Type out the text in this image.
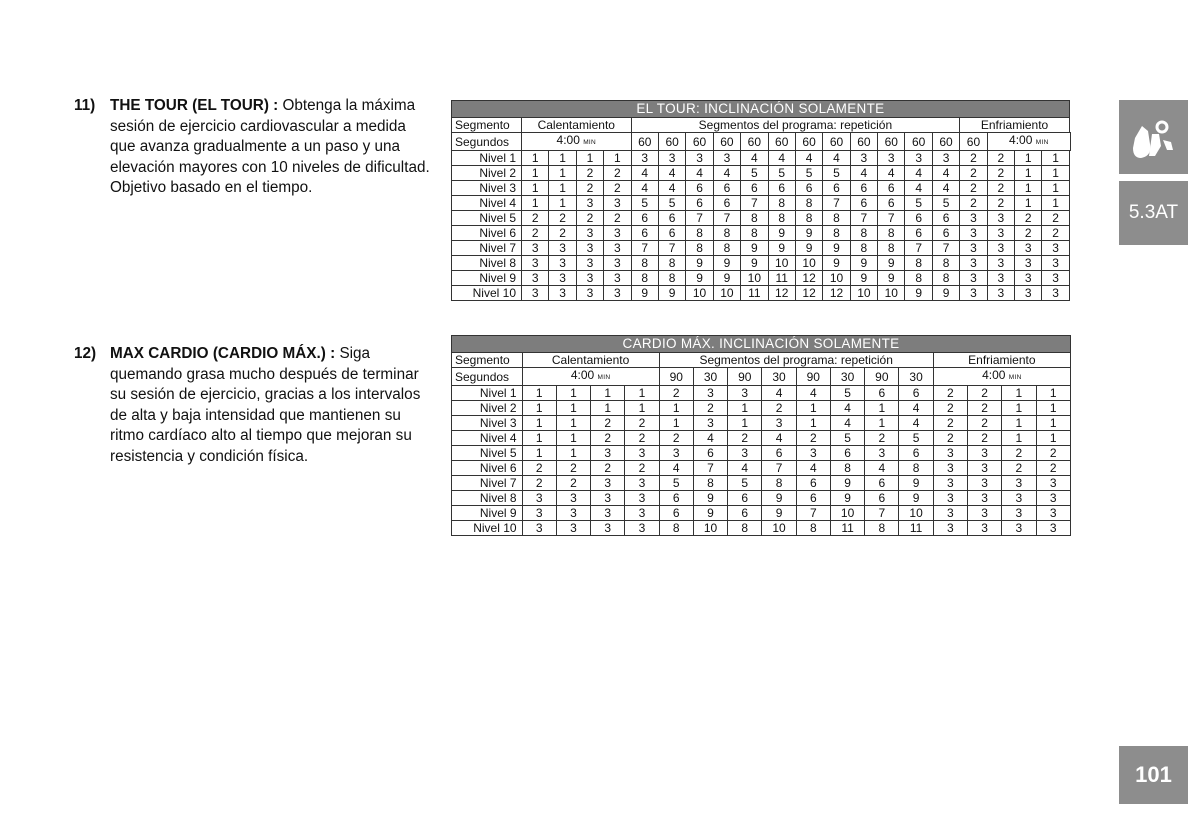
11) THE TOUR (EL TOUR) : Obtenga la máxima sesión de ejercicio cardiovascular a medida que avanza gradualmente a un paso y una elevación mayores con 10 niveles de dificultad. Objetivo basado en el tiempo.
12) MAX CARDIO (CARDIO MÁX.) : Siga quemando grasa mucho después de terminar su sesión de ejercicio, gracias a los intervalos de alta y baja intensidad que mantienen su ritmo cardíaco alto al tiempo que mejoran su resistencia y condición física.
EL TOUR: INCLINACIÓN SOLAMENTE																				
Segmento	Calentamiento				Segmentos del programa: repetición												Enfriamiento			
Segundos	4:00 MIN				60	60	60	60	60	60	60	60	60	60	60	60	60	4:00 MIN		
Nivel 1	1	1	1	1	3	3	3	3	4	4	4	4	3	3	3	3	2	2	1	1
Nivel 2	1	1	2	2	4	4	4	4	5	5	5	5	4	4	4	4	2	2	1	1
Nivel 3	1	1	2	2	4	4	6	6	6	6	6	6	6	6	4	4	2	2	1	1
Nivel 4	1	1	3	3	5	5	6	6	7	8	8	7	6	6	5	5	2	2	1	1
Nivel 5	2	2	2	2	6	6	7	7	8	8	8	8	7	7	6	6	3	3	2	2
Nivel 6	2	2	3	3	6	6	8	8	8	9	9	8	8	8	6	6	3	3	2	2
Nivel 7	3	3	3	3	7	7	8	8	9	9	9	9	8	8	7	7	3	3	3	3
Nivel 8	3	3	3	3	8	8	9	9	9	10	10	9	9	9	8	8	3	3	3	3
Nivel 9	3	3	3	3	8	8	9	9	10	11	12	10	9	9	8	8	3	3	3	3
Nivel 10	3	3	3	3	9	9	10	10	11	12	12	12	10	10	9	9	3	3	3	3
CARDIO MÁX. INCLINACIÓN SOLAMENTE																
Segmento	Calentamiento				Segmentos del programa: repetición								Enfriamiento			
Segundos	4:00 MIN				90	30	90	30	90	30	90	30	4:00 MIN			
Nivel 1	1	1	1	1	2	3	3	4	4	5	6	6	2	2	1	1
Nivel 2	1	1	1	1	1	2	1	2	1	4	1	4	2	2	1	1
Nivel 3	1	1	2	2	1	3	1	3	1	4	1	4	2	2	1	1
Nivel 4	1	1	2	2	2	4	2	4	2	5	2	5	2	2	1	1
Nivel 5	1	1	3	3	3	6	3	6	3	6	3	6	3	3	2	2
Nivel 6	2	2	2	2	4	7	4	7	4	8	4	8	3	3	2	2
Nivel 7	2	2	3	3	5	8	5	8	6	9	6	9	3	3	3	3
Nivel 8	3	3	3	3	6	9	6	9	6	9	6	9	3	3	3	3
Nivel 9	3	3	3	3	6	9	6	9	7	10	7	10	3	3	3	3
Nivel 10	3	3	3	3	8	10	8	10	8	11	8	11	3	3	3	3
5.3AT
101
